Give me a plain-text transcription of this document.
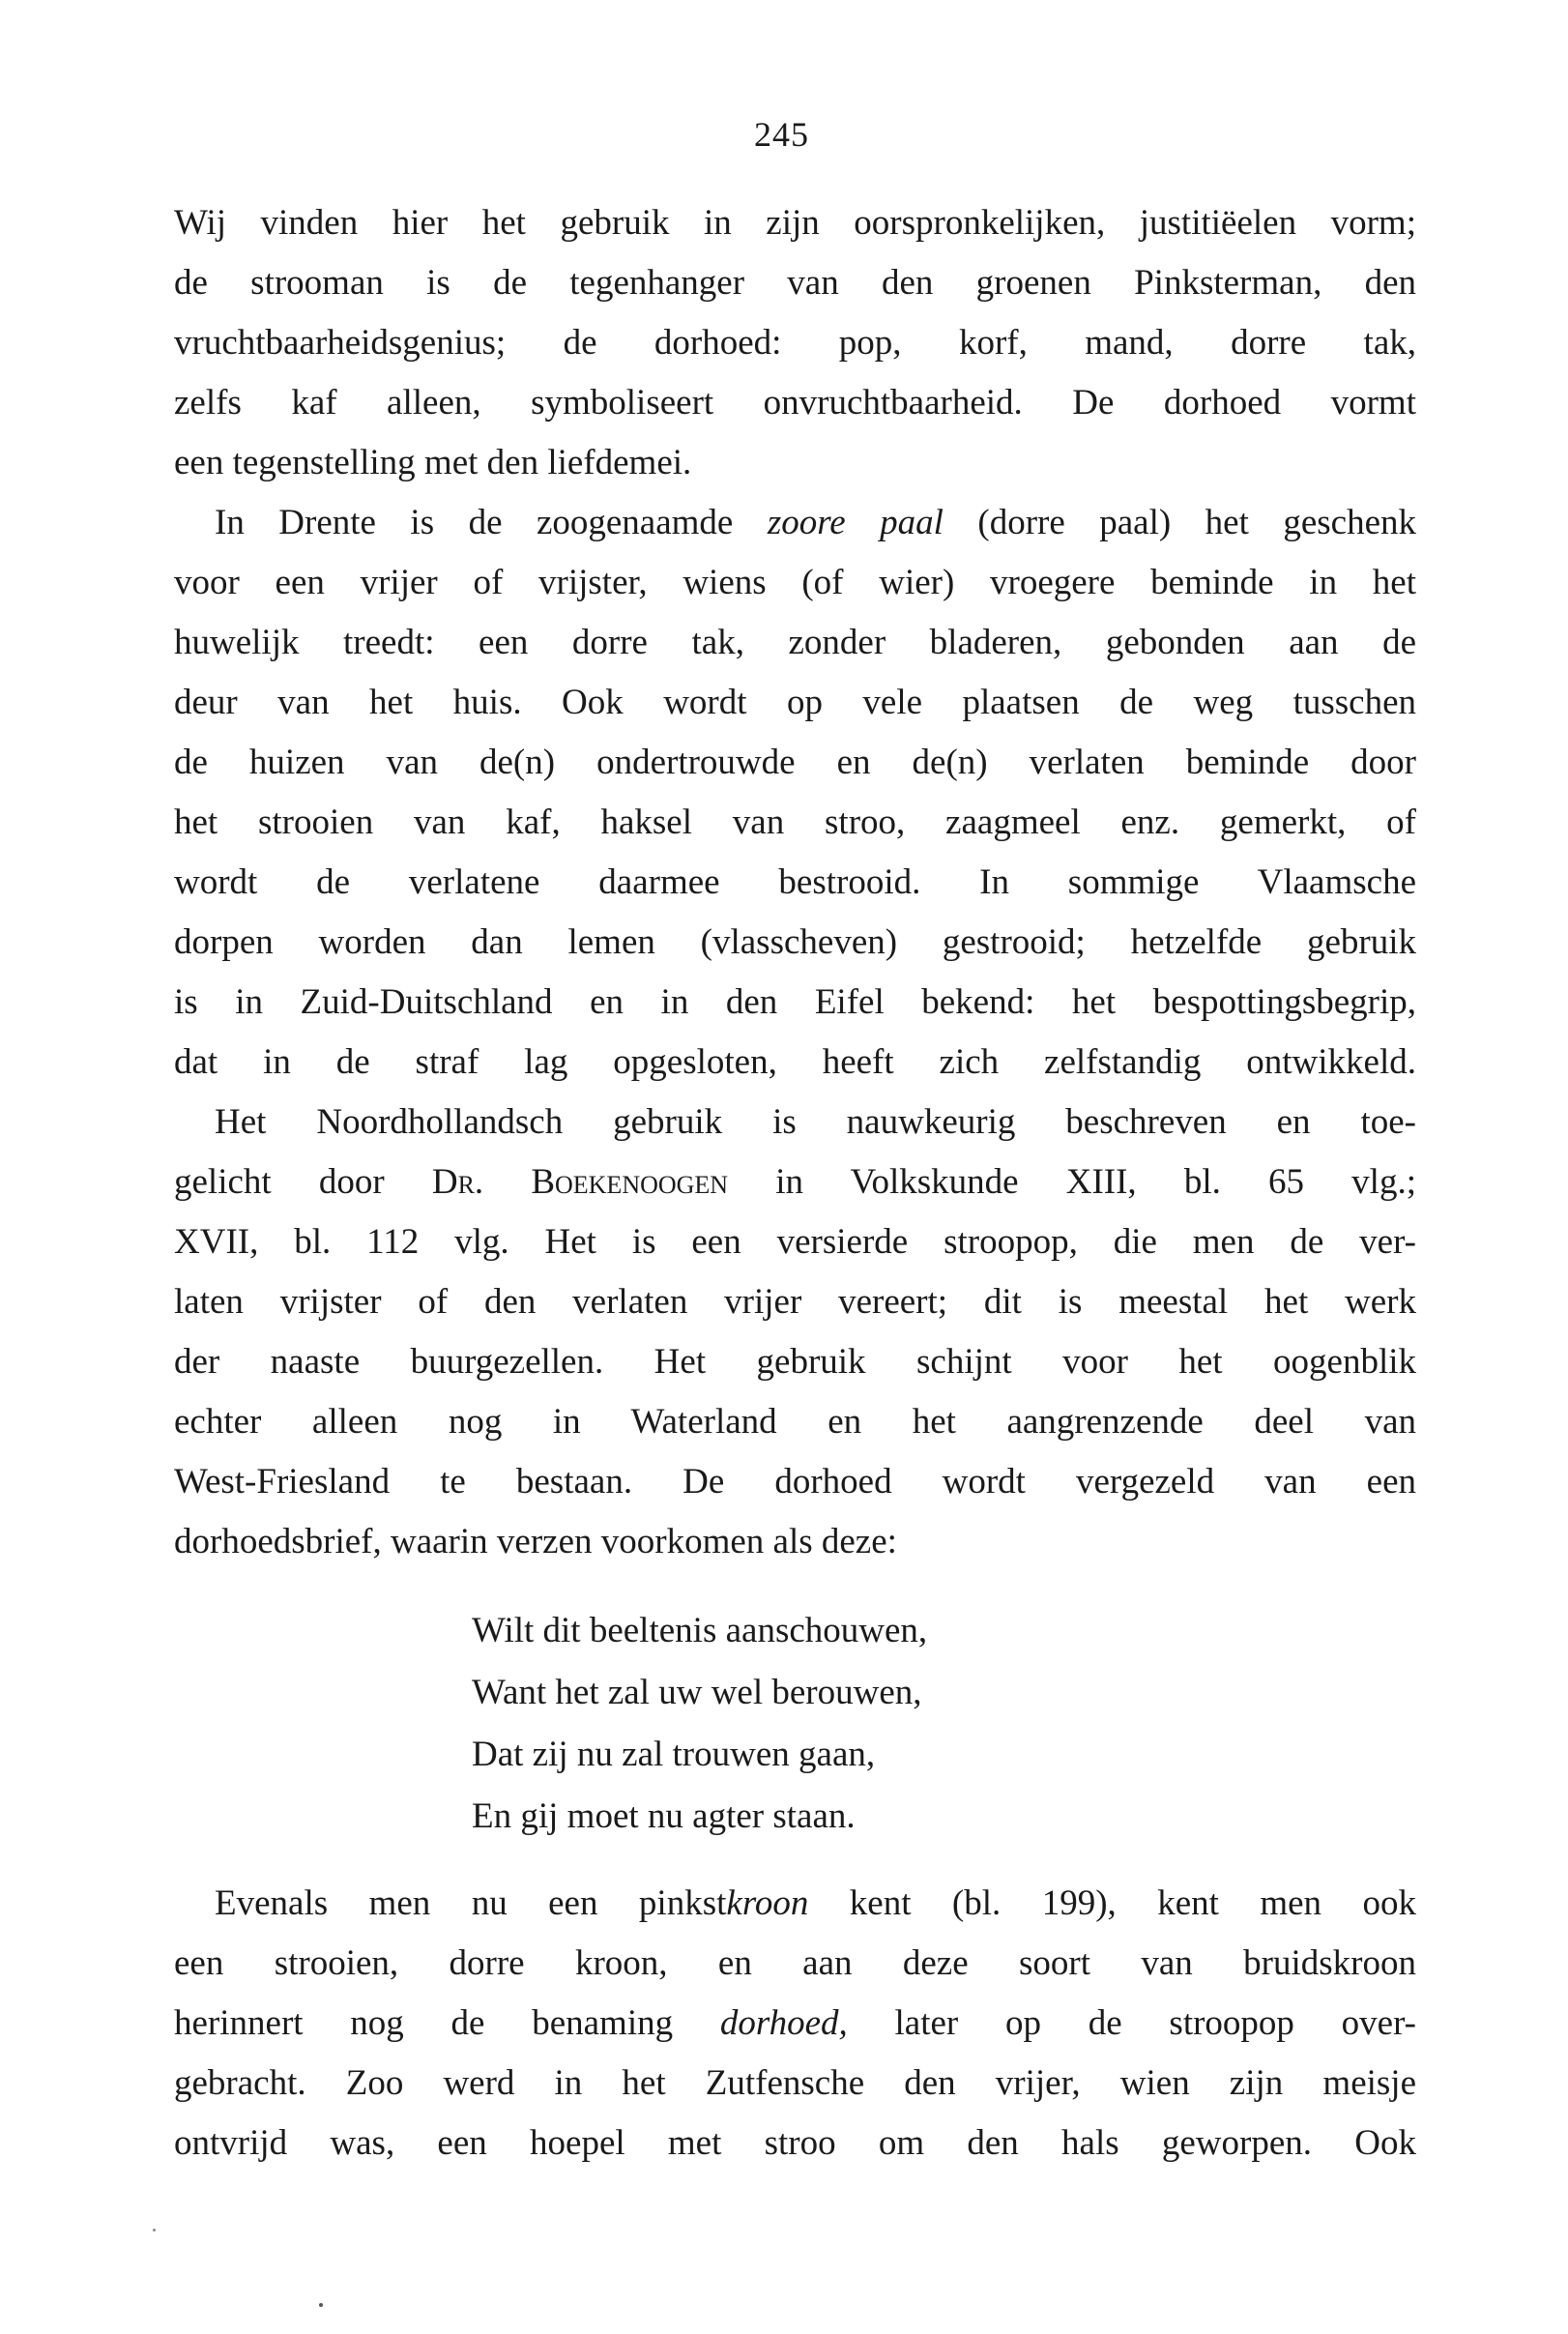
245
Wij vinden hier het gebruik in zijn oorspronkelijken, justitiëelen vorm;
de strooman is de tegenhanger van den groenen Pinksterman, den
vruchtbaarheidsgenius; de dorhoed: pop, korf, mand, dorre tak,
zelfs kaf alleen, symboliseert onvruchtbaarheid. De dorhoed vormt
een tegenstelling met den liefdemei.
In Drente is de zoogenaamde zoore paal (dorre paal) het geschenk
voor een vrijer of vrijster, wiens (of wier) vroegere beminde in het
huwelijk treedt: een dorre tak, zonder bladeren, gebonden aan de
deur van het huis. Ook wordt op vele plaatsen de weg tusschen
de huizen van de(n) ondertrouwde en de(n) verlaten beminde door
het strooien van kaf, haksel van stroo, zaagmeel enz. gemerkt, of
wordt de verlatene daarmee bestrooid. In sommige Vlaamsche
dorpen worden dan lemen (vlasscheven) gestrooid; hetzelfde gebruik
is in Zuid-Duitschland en in den Eifel bekend: het bespottingsbegrip,
dat in de straf lag opgesloten, heeft zich zelfstandig ontwikkeld.
Het Noordhollandsch gebruik is nauwkeurig beschreven en toe-
gelicht door Dr. Boekenoogen in Volkskunde XIII, bl. 65 vlg.;
XVII, bl. 112 vlg. Het is een versierde stroopop, die men de ver-
laten vrijster of den verlaten vrijer vereert; dit is meestal het werk
der naaste buurgezellen. Het gebruik schijnt voor het oogenblik
echter alleen nog in Waterland en het aangrenzende deel van
West-Friesland te bestaan. De dorhoed wordt vergezeld van een
dorhoedsbrief, waarin verzen voorkomen als deze:
Wilt dit beeltenis aanschouwen,
Want het zal uw wel berouwen,
Dat zij nu zal trouwen gaan,
En gij moet nu agter staan.
Evenals men nu een pinkstkroon kent (bl. 199), kent men ook
een strooien, dorre kroon, en aan deze soort van bruidskroon
herinnert nog de benaming dorhoed, later op de stroopop over-
gebracht. Zoo werd in het Zutfensche den vrijer, wien zijn meisje
ontvrijd was, een hoepel met stroo om den hals geworpen. Ook
